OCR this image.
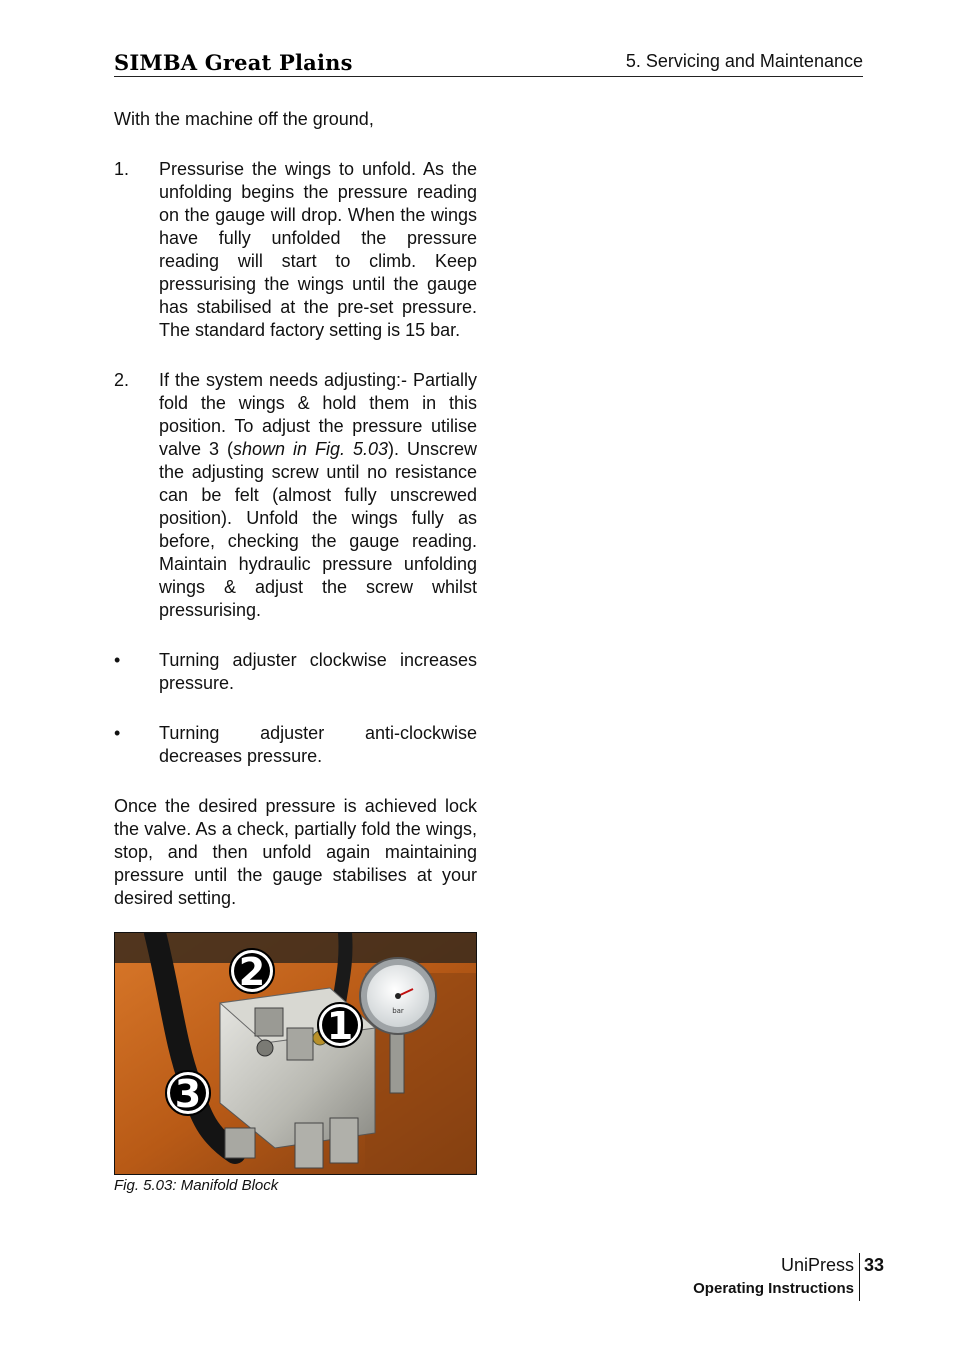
SIMBA Great Plains	5. Servicing and Maintenance

With the machine off the ground,

1. Pressurise the wings to unfold. As the unfolding begins the pressure reading on the gauge will drop. When the wings have fully unfolded the pressure reading will start to climb. Keep pressurising the wings until the gauge has stabilised at the pre-set pressure. The standard factory setting is 15 bar.
2. If the system needs adjusting:- Partially fold the wings & hold them in this position. To adjust the pressure utilise valve 3 (shown in Fig. 5.03). Unscrew the adjusting screw until no resistance can be felt (almost fully unscrewed position). Unfold the wings fully as before, checking the gauge reading. Maintain hydraulic pressure unfolding wings & adjust the screw whilst pressurising.
• Turning adjuster clockwise increases pressure.
• Turning adjuster anti-clockwise decreases pressure.

Once the desired pressure is achieved lock the valve. As a check, partially fold the wings, stop, and then unfold again maintaining pressure until the gauge stabilises at your desired setting.

bar
2
1
3
Fig. 5.03: Manifold Block
UniPress 33
Operating Instructions
